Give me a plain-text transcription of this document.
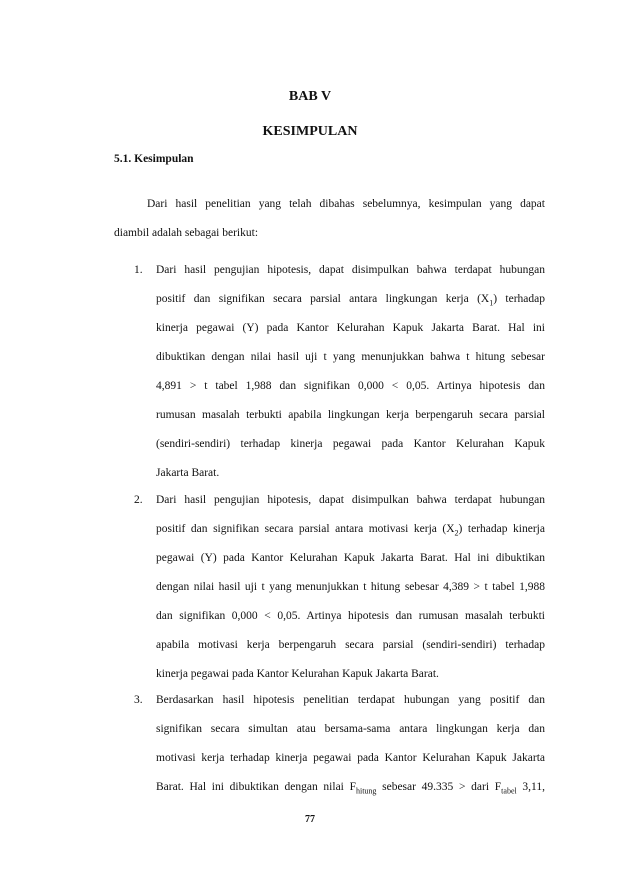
BAB V
KESIMPULAN
5.1. Kesimpulan
Dari hasil penelitian yang telah dibahas sebelumnya, kesimpulan yang dapat
diambil adalah sebagai berikut:
1.	Dari hasil pengujian hipotesis, dapat disimpulkan bahwa terdapat hubungan
positif dan signifikan secara parsial antara lingkungan kerja $(X_1)$ terhadap
kinerja pegawai (Y) pada Kantor Kelurahan Kapuk Jakarta Barat. Hal ini
dibuktikan dengan nilai hasil uji t yang menunjukkan bahwa t hitung sebesar
4,891 > t tabel 1,988 dan signifikan 0,000 < 0,05. Artinya hipotesis dan
rumusan masalah terbukti apabila lingkungan kerja berpengaruh secara parsial
(sendiri-sendiri) terhadap kinerja pegawai pada Kantor Kelurahan Kapuk
Jakarta Barat.
2.	Dari hasil pengujian hipotesis, dapat disimpulkan bahwa terdapat hubungan
positif dan signifikan secara parsial antara motivasi kerja $(X_2)$ terhadap kinerja
pegawai (Y) pada Kantor Kelurahan Kapuk Jakarta Barat. Hal ini dibuktikan
dengan nilai hasil uji t yang menunjukkan t hitung sebesar 4,389 > t tabel 1,988
dan signifikan 0,000 < 0,05. Artinya hipotesis dan rumusan masalah terbukti
apabila motivasi kerja berpengaruh secara parsial (sendiri-sendiri) terhadap
kinerja pegawai pada Kantor Kelurahan Kapuk Jakarta Barat.
3.	Berdasarkan hasil hipotesis penelitian terdapat hubungan yang positif dan
signifikan secara simultan atau bersama-sama antara lingkungan kerja dan
motivasi kerja terhadap kinerja pegawai pada Kantor Kelurahan Kapuk Jakarta
Barat. Hal ini dibuktikan dengan nilai $F_{hitung}$ sebesar 49.335 > dari $F_{tabel}$ 3,11,
77
